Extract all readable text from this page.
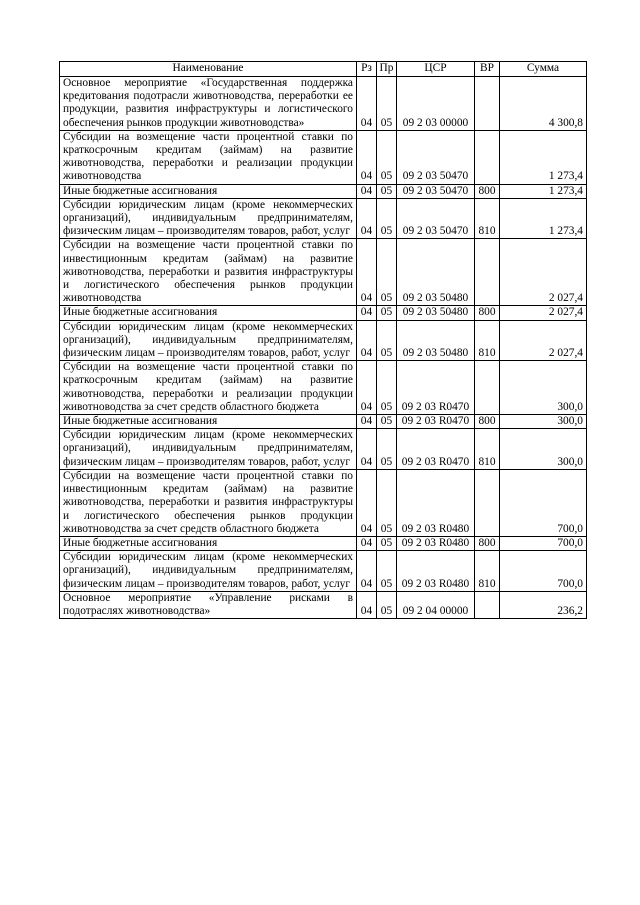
Наименование	Рз	Пр	ЦСР	ВР	Сумма
Основное мероприятие «Государственная поддержка кредитования подотрасли животноводства, переработки ее продукции, развития инфраструктуры и логистического обеспечения рынков продукции животноводства»	04	05	09 2 03 00000		4 300,8
Субсидии на возмещение части процентной ставки по краткосрочным кредитам (займам) на развитие животноводства, переработки и реализации продукции животноводства	04	05	09 2 03 50470		1 273,4
Иные бюджетные ассигнования	04	05	09 2 03 50470	800	1 273,4
Субсидии юридическим лицам (кроме некоммерческих организаций), индивидуальным предпринимателям, физическим лицам – производителям товаров, работ, услуг	04	05	09 2 03 50470	810	1 273,4
Субсидии на возмещение части процентной ставки по инвестиционным кредитам (займам) на развитие животноводства, переработки и развития инфраструктуры и логистического обеспечения рынков продукции животноводства	04	05	09 2 03 50480		2 027,4
Иные бюджетные ассигнования	04	05	09 2 03 50480	800	2 027,4
Субсидии юридическим лицам (кроме некоммерческих организаций), индивидуальным предпринимателям, физическим лицам – производителям товаров, работ, услуг	04	05	09 2 03 50480	810	2 027,4
Субсидии на возмещение части процентной ставки по краткосрочным кредитам (займам) на развитие животноводства, переработки и реализации продукции животноводства за счет средств областного бюджета	04	05	09 2 03 R0470		300,0
Иные бюджетные ассигнования	04	05	09 2 03 R0470	800	300,0
Субсидии юридическим лицам (кроме некоммерческих организаций), индивидуальным предпринимателям, физическим лицам – производителям товаров, работ, услуг	04	05	09 2 03 R0470	810	300,0
Субсидии на возмещение части процентной ставки по инвестиционным кредитам (займам) на развитие животноводства, переработки и развития инфраструктуры и логистического обеспечения рынков продукции животноводства за счет средств областного бюджета	04	05	09 2 03 R0480		700,0
Иные бюджетные ассигнования	04	05	09 2 03 R0480	800	700,0
Субсидии юридическим лицам (кроме некоммерческих организаций), индивидуальным предпринимателям, физическим лицам – производителям товаров, работ, услуг	04	05	09 2 03 R0480	810	700,0
Основное мероприятие «Управление рисками в подотраслях животноводства»	04	05	09 2 04 00000		236,2
